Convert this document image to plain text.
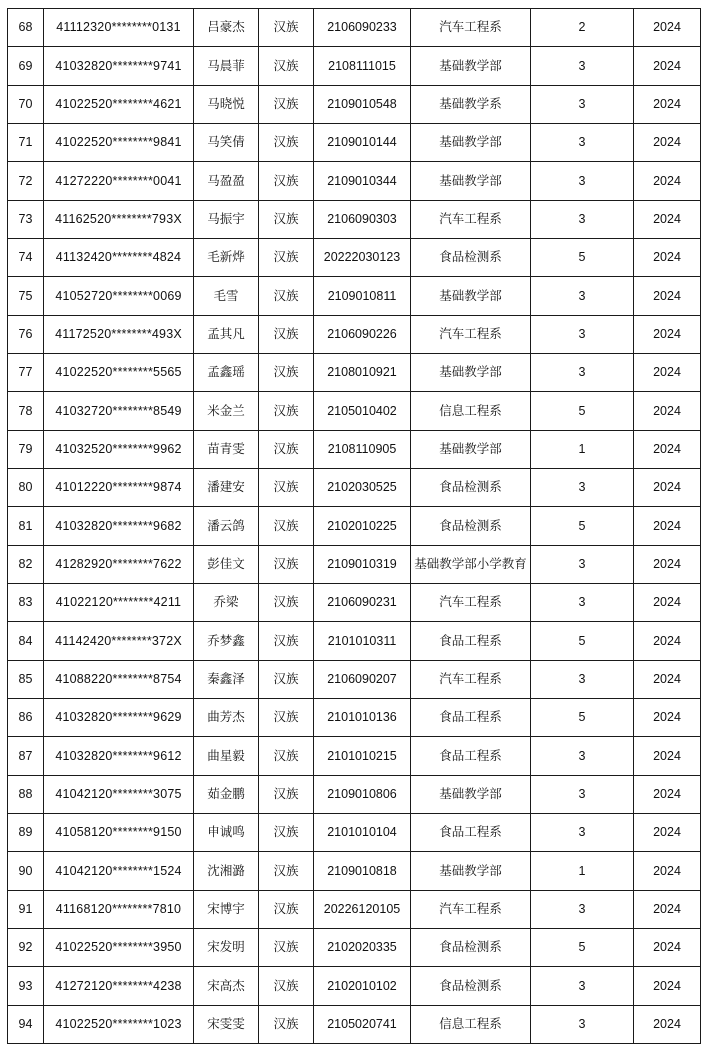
68	41112320********0131	吕豪杰	汉族	2106090233	汽车工程系	2	2024
69	41032820********9741	马晨菲	汉族	2108111015	基础教学部	3	2024
70	41022520********4621	马晓悦	汉族	2109010548	基础教学系	3	2024
71	41022520********9841	马笑倩	汉族	2109010144	基础教学部	3	2024
72	41272220********0041	马盈盈	汉族	2109010344	基础教学部	3	2024
73	41162520********793X	马振宇	汉族	2106090303	汽车工程系	3	2024
74	41132420********4824	毛新烨	汉族	20222030123	食品检测系	5	2024
75	41052720********0069	毛雪	汉族	2109010811	基础教学部	3	2024
76	41172520********493X	孟其凡	汉族	2106090226	汽车工程系	3	2024
77	41022520********5565	孟鑫瑶	汉族	2108010921	基础教学部	3	2024
78	41032720********8549	米金兰	汉族	2105010402	信息工程系	5	2024
79	41032520********9962	苗青雯	汉族	2108110905	基础教学部	1	2024
80	41012220********9874	潘建安	汉族	2102030525	食品检测系	3	2024
81	41032820********9682	潘云鸽	汉族	2102010225	食品检测系	5	2024
82	41282920********7622	彭佳文	汉族	2109010319	基础教学部小学教育	3	2024
83	41022120********4211	乔梁	汉族	2106090231	汽车工程系	3	2024
84	41142420********372X	乔梦鑫	汉族	2101010311	食品工程系	5	2024
85	41088220********8754	秦鑫泽	汉族	2106090207	汽车工程系	3	2024
86	41032820********9629	曲芳杰	汉族	2101010136	食品工程系	5	2024
87	41032820********9612	曲星毅	汉族	2101010215	食品工程系	3	2024
88	41042120********3075	茹金鹏	汉族	2109010806	基础教学部	3	2024
89	41058120********9150	申诚鸣	汉族	2101010104	食品工程系	3	2024
90	41042120********1524	沈湘潞	汉族	2109010818	基础教学部	1	2024
91	41168120********7810	宋博宇	汉族	20226120105	汽车工程系	3	2024
92	41022520********3950	宋发明	汉族	2102020335	食品检测系	5	2024
93	41272120********4238	宋高杰	汉族	2102010102	食品检测系	3	2024
94	41022520********1023	宋雯雯	汉族	2105020741	信息工程系	3	2024
